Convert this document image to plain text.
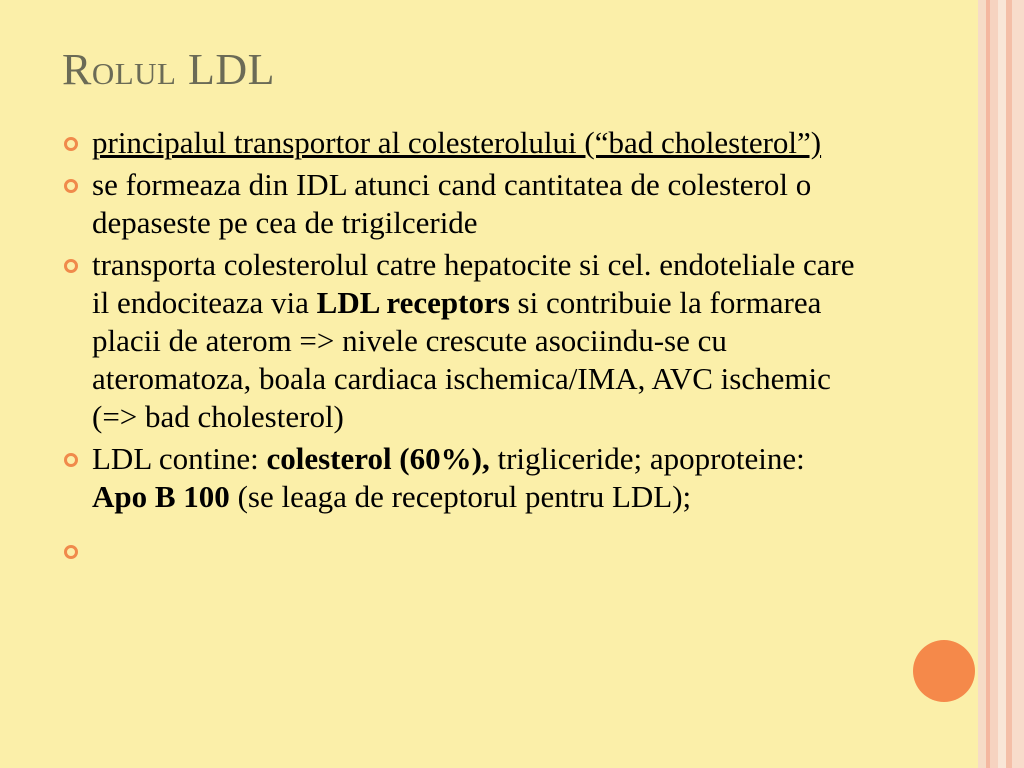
Rolul LDL
principalul transportor al colesterolului (“bad cholesterol”)
se formeaza din IDL atunci cand cantitatea de colesterol o depaseste pe cea de trigilceride
transporta colesterolul catre hepatocite si cel. endoteliale care il endociteaza via LDL receptors si contribuie la formarea placii de aterom => nivele crescute asociindu-se cu ateromatoza, boala cardiaca ischemica/IMA, AVC ischemic (=> bad cholesterol)
LDL contine: colesterol (60%), trigliceride; apoproteine: Apo B 100 (se leaga de receptorul pentru LDL);
